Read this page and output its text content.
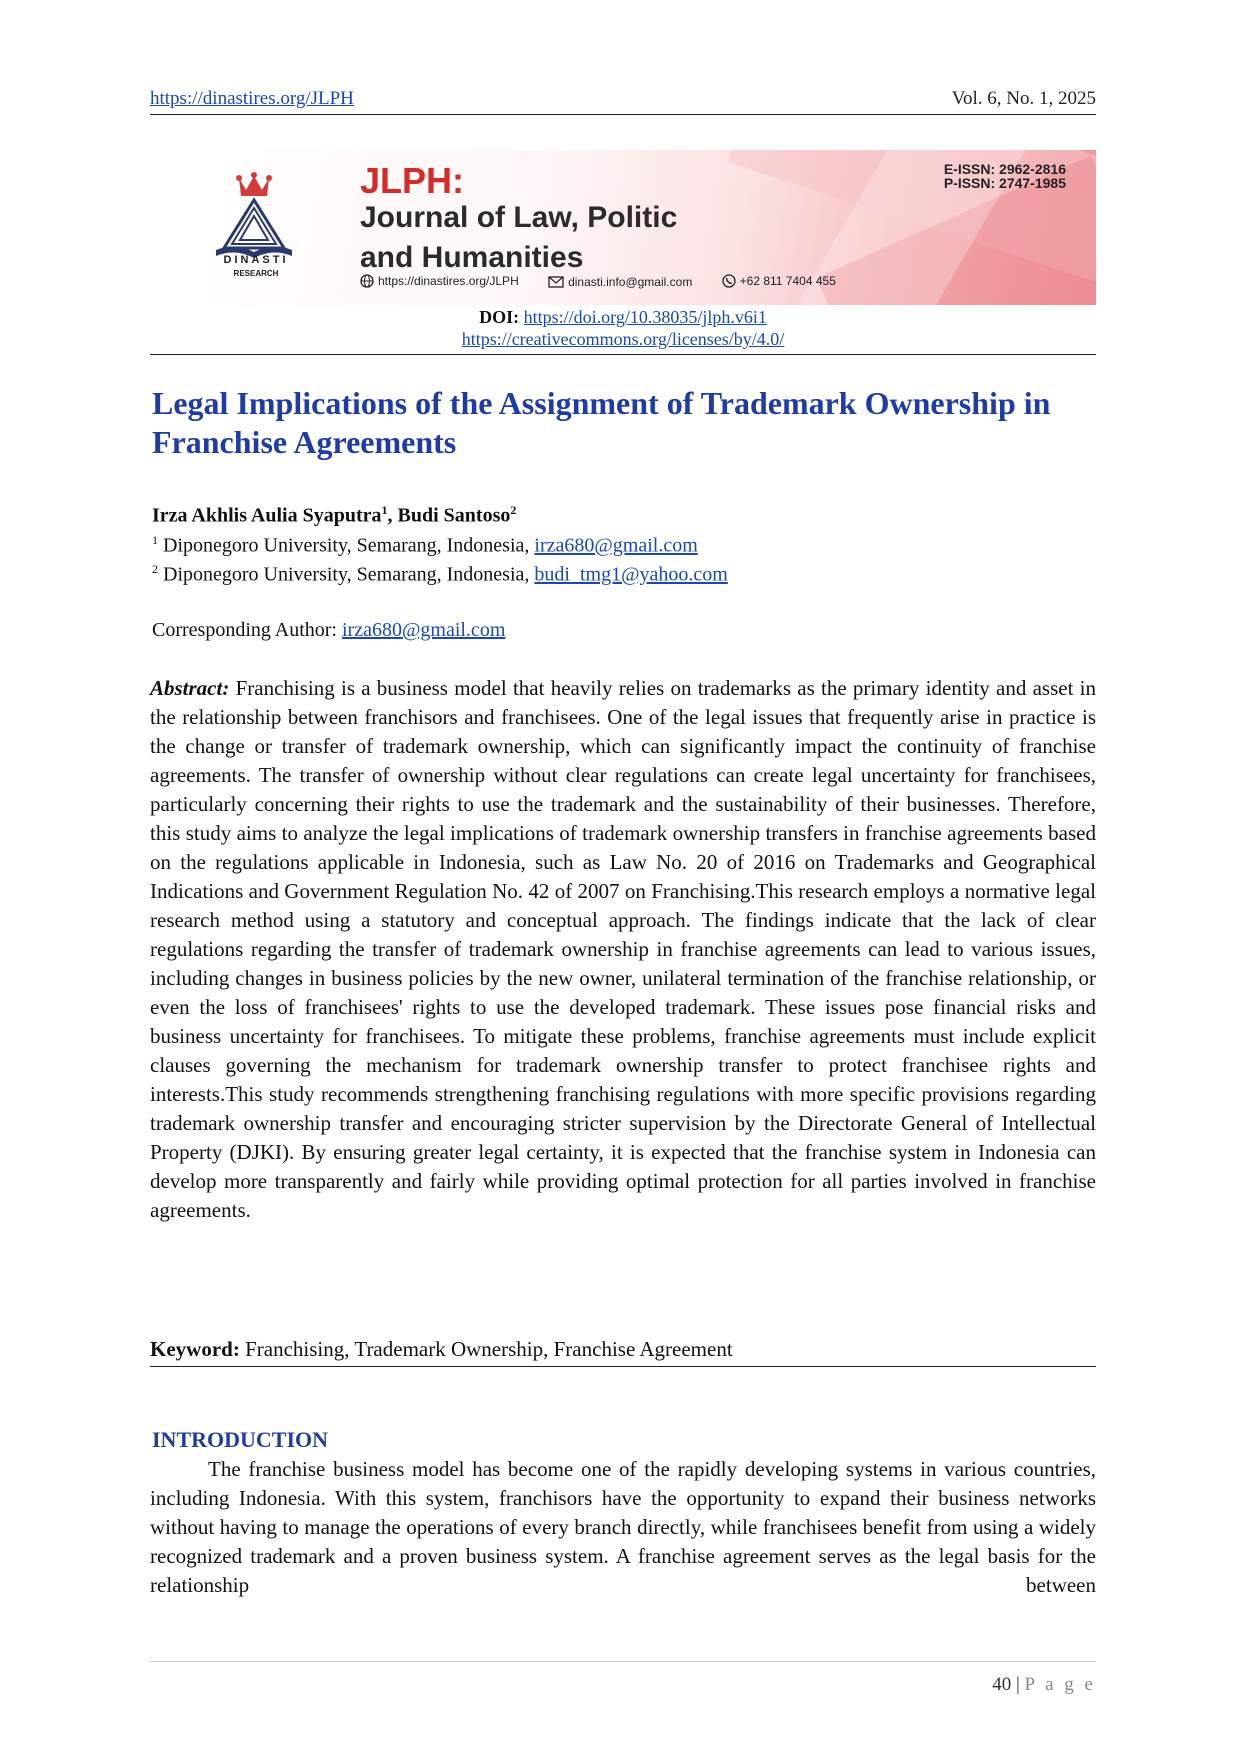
https://dinastires.org/JLPH	Vol. 6, No. 1, 2025
DINASTI
RESEARCH
JLPH:
Journal of Law, Politic
and Humanities
https://dinastires.org/JLPH
	dinasti.info@gmail.com
	+62 811 7404 455
E-ISSN: 2962-2816
P-ISSN: 2747-1985
DOI: https://doi.org/10.38035/jlph.v6i1
https://creativecommons.org/licenses/by/4.0/
Legal Implications of the Assignment of Trademark Ownership in Franchise Agreements
Irza Akhlis Aulia Syaputra$^1$, Budi Santoso$^2$
$^1$ Diponegoro University, Semarang, Indonesia, irza680@gmail.com
$^2$ Diponegoro University, Semarang, Indonesia, budi_tmg1@yahoo.com
Corresponding Author: irza680@gmail.com
Abstract: Franchising is a business model that heavily relies on trademarks as the primary identity and asset in the relationship between franchisors and franchisees. One of the legal issues that frequently arise in practice is the change or transfer of trademark ownership, which can significantly impact the continuity of franchise agreements. The transfer of ownership without clear regulations can create legal uncertainty for franchisees, particularly concerning their rights to use the trademark and the sustainability of their businesses. Therefore, this study aims to analyze the legal implications of trademark ownership transfers in franchise agreements based on the regulations applicable in Indonesia, such as Law No. 20 of 2016 on Trademarks and Geographical Indications and Government Regulation No. 42 of 2007 on Franchising.This research employs a normative legal research method using a statutory and conceptual approach. The findings indicate that the lack of clear regulations regarding the transfer of trademark ownership in franchise agreements can lead to various issues, including changes in business policies by the new owner, unilateral termination of the franchise relationship, or even the loss of franchisees' rights to use the developed trademark. These issues pose financial risks and business uncertainty for franchisees. To mitigate these problems, franchise agreements must include explicit clauses governing the mechanism for trademark ownership transfer to protect franchisee rights and interests.This study recommends strengthening franchising regulations with more specific provisions regarding trademark ownership transfer and encouraging stricter supervision by the Directorate General of Intellectual Property (DJKI). By ensuring greater legal certainty, it is expected that the franchise system in Indonesia can develop more transparently and fairly while providing optimal protection for all parties involved in franchise agreements.
Keyword: Franchising, Trademark Ownership, Franchise Agreement
INTRODUCTION
The franchise business model has become one of the rapidly developing systems in various countries, including Indonesia. With this system, franchisors have the opportunity to expand their business networks without having to manage the operations of every branch directly, while franchisees benefit from using a widely recognized trademark and a proven business system. A franchise agreement serves as the legal basis for the relationship between
40 | P a g e
